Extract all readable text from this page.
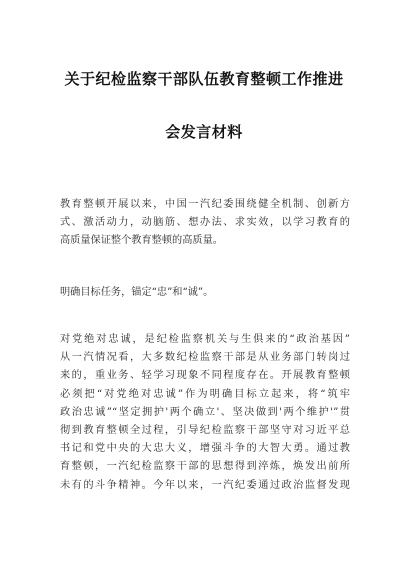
关于纪检监察干部队伍教育整顿工作推进
会发言材料
教育整顿开展以来，中国一汽纪委围绕健全机制、创新方
式、激活动力，动脑筋、想办法、求实效，以学习教育的
高质量保证整个教育整顿的高质量。
明确目标任务，锚定“忠”和“诚”。
对党绝对忠诚，是纪检监察机关与生俱来的“政治基因”
从一汽情况看，大多数纪检监察干部是从业务部门转岗过
来的，重业务、轻学习现象不同程度存在。开展教育整顿
必须把“对党绝对忠诚”作为明确目标立起来，将“筑牢
政治忠诚”“坚定拥护'两个确立'、坚决做到'两个维护'”贯
彻到教育整顿全过程，引导纪检监察干部坚守对习近平总
书记和党中央的大忠大义，增强斗争的大智大勇。通过教
育整顿，一汽纪检监察干部的思想得到淬炼，焕发出前所
未有的斗争精神。今年以来，一汽纪委通过政治监督发现
